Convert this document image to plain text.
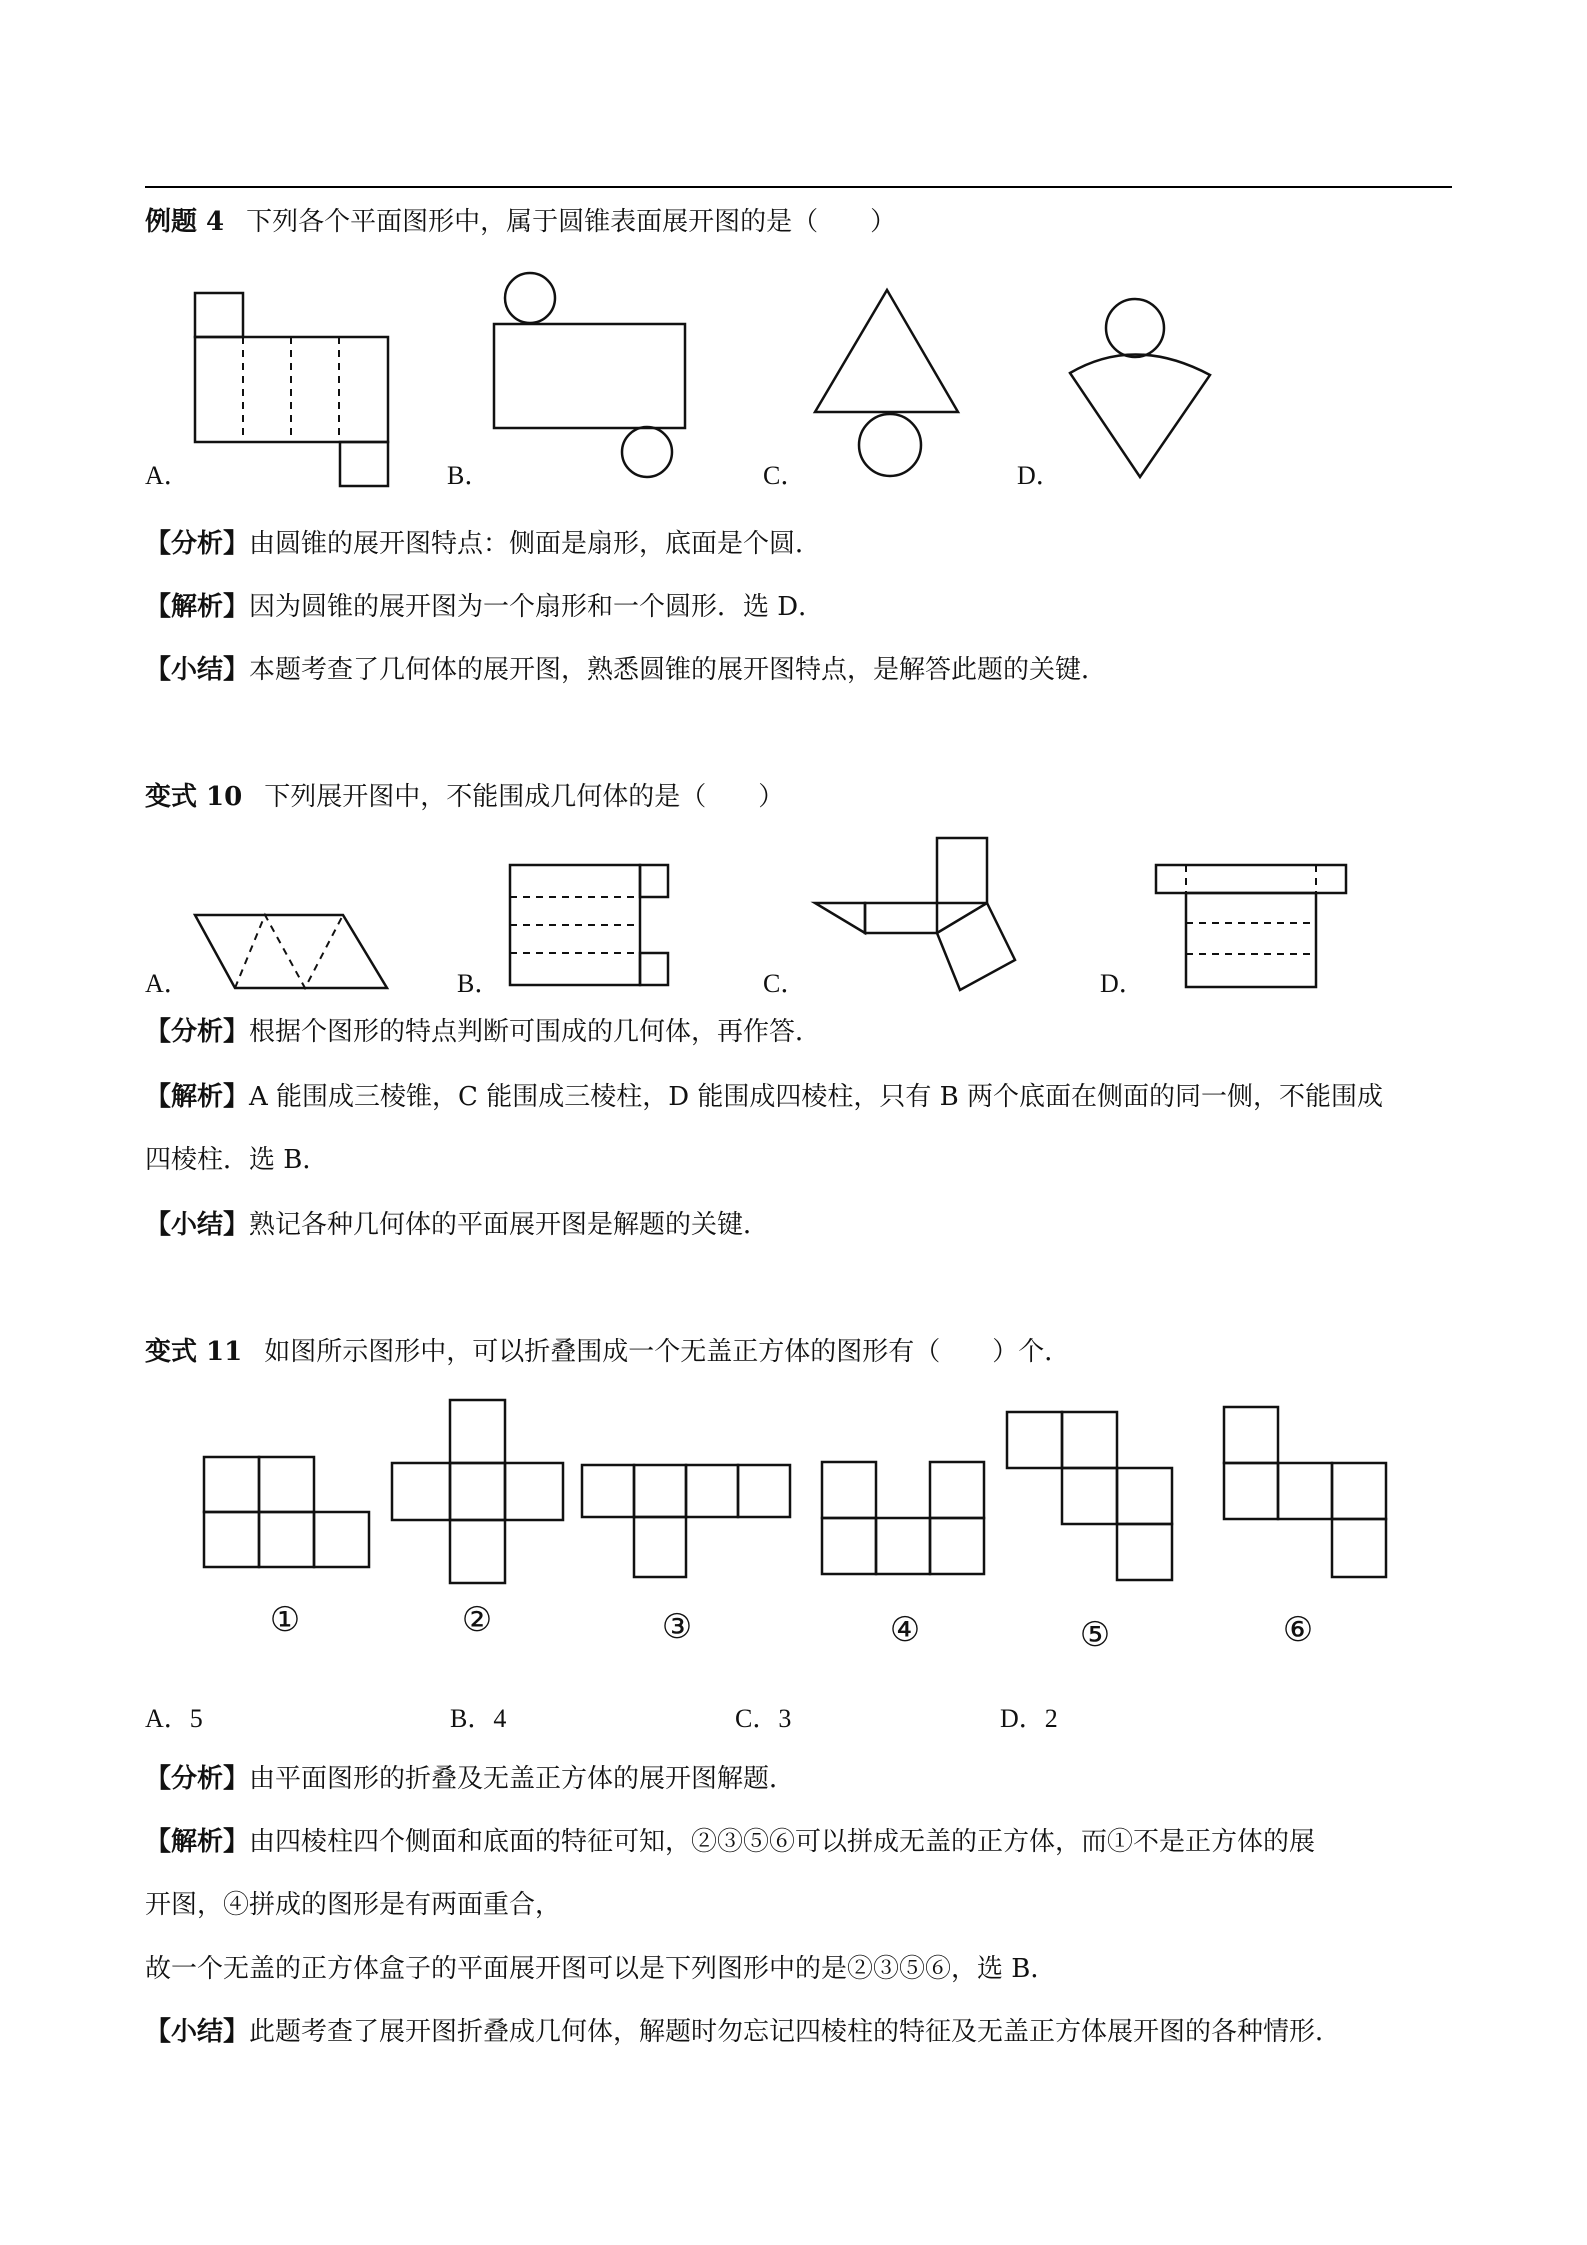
例题 4 下列各个平面图形中，属于圆锥表面展开图的是（　　）
A．	B．	C．	D．
【分析】由圆锥的展开图特点：侧面是扇形，底面是个圆．
【解析】因为圆锥的展开图为一个扇形和一个圆形．选 D．
【小结】本题考查了几何体的展开图，熟悉圆锥的展开图特点，是解答此题的关键．
变式 10 下列展开图中，不能围成几何体的是（　　）
A．	B．	C．	D．
【分析】根据个图形的特点判断可围成的几何体，再作答．
【解析】A 能围成三棱锥，C 能围成三棱柱，D 能围成四棱柱，只有 B 两个底面在侧面的同一侧，不能围成
四棱柱．选 B．
【小结】熟记各种几何体的平面展开图是解题的关键．
变式 11 如图所示图形中，可以折叠围成一个无盖正方体的图形有（　　）个．
①	②	③	④	⑤	⑥
A．5	B．4	C．3	D．2
【分析】由平面图形的折叠及无盖正方体的展开图解题．
【解析】由四棱柱四个侧面和底面的特征可知，②③⑤⑥可以拼成无盖的正方体，而①不是正方体的展
开图，④拼成的图形是有两面重合，
故一个无盖的正方体盒子的平面展开图可以是下列图形中的是②③⑤⑥，选 B．
【小结】此题考查了展开图折叠成几何体，解题时勿忘记四棱柱的特征及无盖正方体展开图的各种情形．
